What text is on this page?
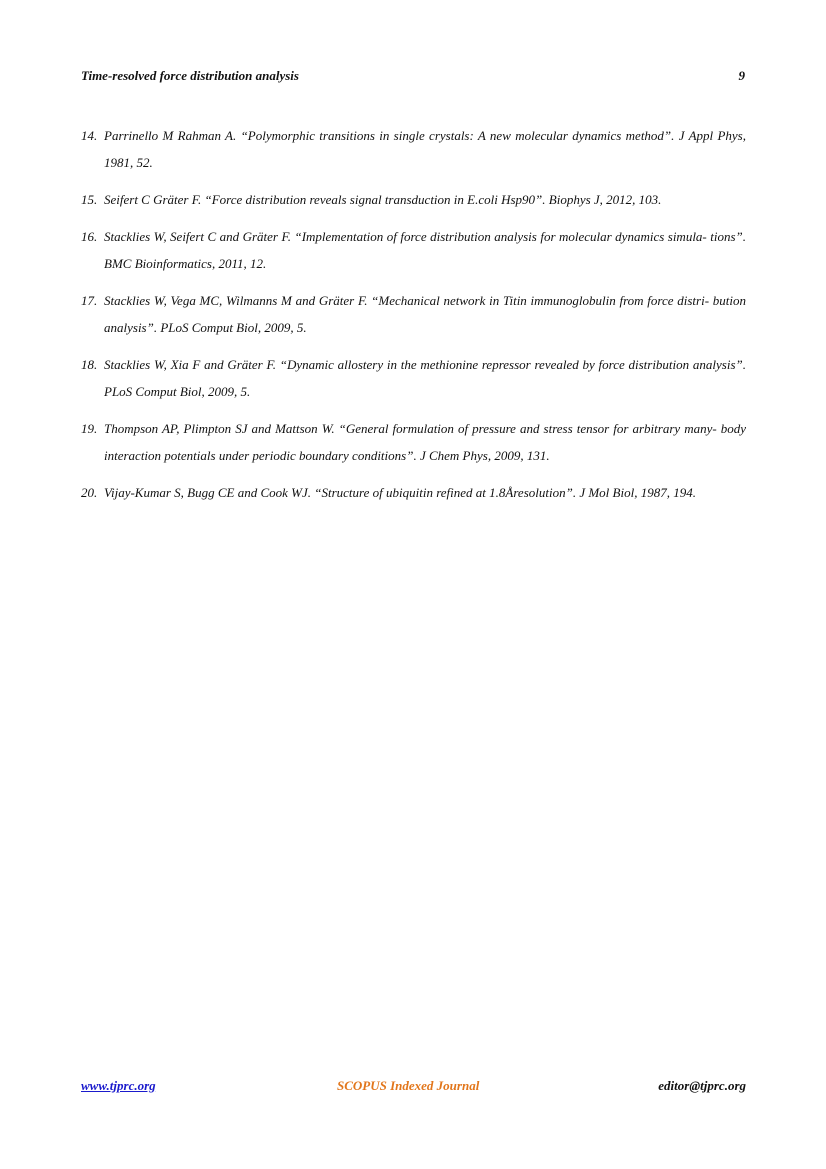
Time-resolved force distribution analysis	9
14. Parrinello M Rahman A. “Polymorphic transitions in single crystals: A new molecular dynamics method”. J Appl Phys, 1981, 52.
15. Seifert C Gräter F. “Force distribution reveals signal transduction in E.coli Hsp90”. Biophys J, 2012, 103.
16. Stacklies W, Seifert C and Gräter F. “Implementation of force distribution analysis for molecular dynamics simula- tions”. BMC Bioinformatics, 2011, 12.
17. Stacklies W, Vega MC, Wilmanns M and Gräter F. “Mechanical network in Titin immunoglobulin from force distri- bution analysis”. PLoS Comput Biol, 2009, 5.
18. Stacklies W, Xia F and Gräter F. “Dynamic allostery in the methionine repressor revealed by force distribution analysis”. PLoS Comput Biol, 2009, 5.
19. Thompson AP, Plimpton SJ and Mattson W. “General formulation of pressure and stress tensor for arbitrary many- body interaction potentials under periodic boundary conditions”. J Chem Phys, 2009, 131.
20. Vijay-Kumar S, Bugg CE and Cook WJ. “Structure of ubiquitin refined at 1.8Åresolution”. J Mol Biol, 1987, 194.
www.tjprc.org	SCOPUS Indexed Journal	editor@tjprc.org
